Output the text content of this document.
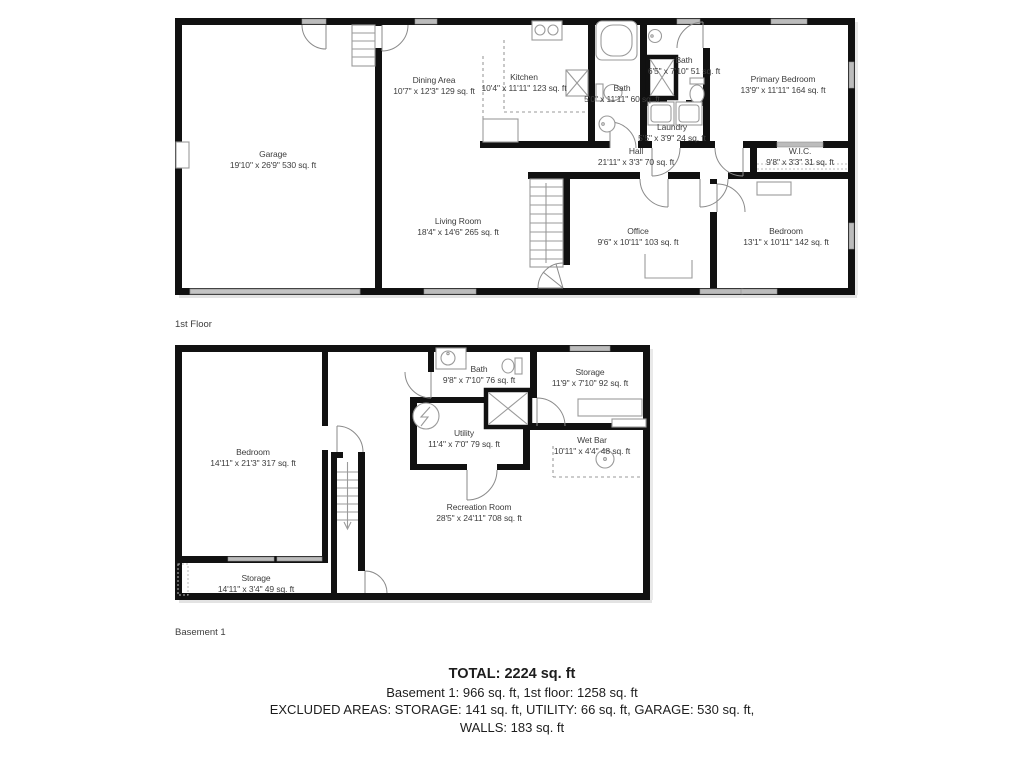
Garage
19'10" x 26'9" 530 sq. ft
Dining Area
10'7" x 12'3" 129 sq. ft
Kitchen
10'4" x 11'11" 123 sq. ft	Bath
5'0" x 11'11" 60 sq. ft
Bath
6'5" x 7'10" 51 sq. ft
Laundry
5'5" x 3'9" 24 sq. ft
Hall
21'11" x 3'3" 70 sq. ft
Primary Bedroom
13'9" x 11'11" 164 sq. ft
W.I.C.
9'8" x 3'3" 31 sq. ft
Living Room
18'4" x 14'6" 265 sq. ft	Office
9'6" x 10'11" 103 sq. ft
Bedroom
13'1" x 10'11" 142 sq. ft
Bedroom
14'11" x 21'3" 317 sq. ft
Bath
9'8" x 7'10" 76 sq. ft
Storage
11'9" x 7'10" 92 sq. ft
Utility
11'4" x 7'0" 79 sq. ft	Wet Bar
10'11" x 4'4" 48 sq. ft
Recreation Room
28'5" x 24'11" 708 sq. ft
Storage
14'11" x 3'4" 49 sq. ft
1st Floor
Basement 1
TOTAL: 2224 sq. ft
Basement 1: 966 sq. ft, 1st floor: 1258 sq. ft
EXCLUDED AREAS: STORAGE: 141 sq. ft, UTILITY: 66 sq. ft, GARAGE: 530 sq. ft,
WALLS: 183 sq. ft
